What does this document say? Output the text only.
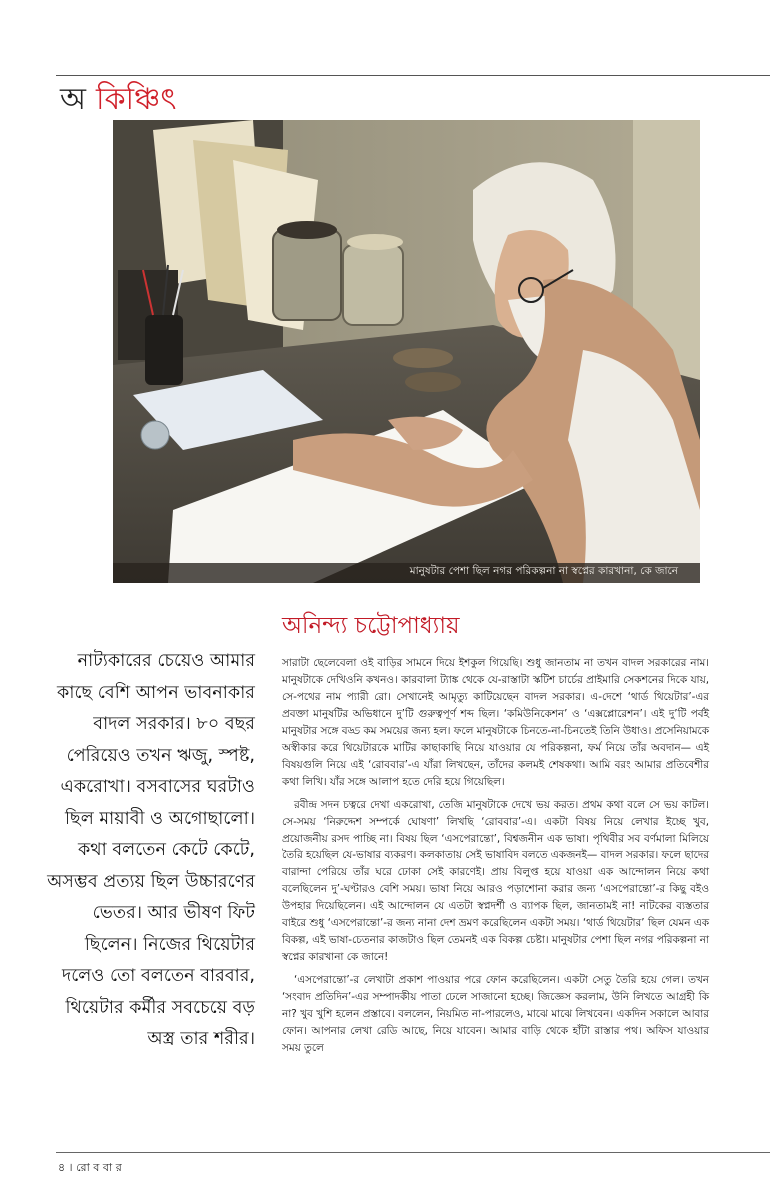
অ কিঞ্চিৎ
মানুষটার পেশা ছিল নগর পরিকল্পনা না স্বপ্নের কারখানা, কে জানে
অনিন্দ্য চট্টোপাধ্যায়

নাট্যকারের চেয়েও আমার কাছে বেশি আপন ভাবনাকার বাদল সরকার। ৮০ বছর পেরিয়েও তখন ঋজু, স্পষ্ট, একরোখা। বসবাসের ঘরটাও ছিল মায়াবী ও অগোছালো। কথা বলতেন কেটে কেটে, অসম্ভব প্রত্যয় ছিল উচ্চারণের ভেতর। আর ভীষণ ফিট ছিলেন। নিজের থিয়েটার দলেও তো বলতেন বারবার, থিয়েটার কর্মীর সবচেয়ে বড় অস্ত্র তার শরীর।

সারাটা ছেলেবেলা ওই বাড়ির সামনে দিয়ে ইশকুল গিয়েছি। শুধু জানতাম না তখন বাদল সরকারের নাম। মানুষটাকে দেখিওনি কখনও। কারবালা ট্যাঙ্ক থেকে যে-রাস্তাটা স্কটিশ চার্চের প্রাইমারি সেকশনের দিকে যায়, সে-পথের নাম প্যারী রো। সেখানেই আমৃত্যু কাটিয়েছেন বাদল সরকার। এ-দেশে ‘থার্ড থিয়েটার’-এর প্রবক্তা মানুষটির অভিধানে দু’টি গুরুত্বপূর্ণ শব্দ ছিল। ‘কমিউনিকেশন’ ও ‘এক্সপ্লোরেশন’। এই দু’টি পর্বই মানুষটার সঙ্গে বড্ড কম সময়ের জন্য হল। ফলে মানুষটাকে চিনতে-না-চিনতেই তিনি উধাও। প্রসেনিয়ামকে অস্বীকার করে থিয়েটারকে মাটির কাছাকাছি নিয়ে যাওয়ার যে পরিকল্পনা, ফর্ম নিয়ে তাঁর অবদান— এই বিষয়গুলি নিয়ে এই ‘রোববার’-এ যাঁরা লিখছেন, তাঁদের কলমই শেষকথা। আমি বরং আমার প্রতিবেশীর কথা লিখি। যাঁর সঙ্গে আলাপ হতে দেরি হয়ে গিয়েছিল।

রবীন্দ্র সদন চত্বরে দেখা একরোখা, তেজি মানুষটাকে দেখে ভয় করত। প্রথম কথা বলে সে ভয় কাটল। সে-সময় ‘নিরুদ্দেশ সম্পর্কে ঘোষণা’ লিখছি ‘রোববার’-এ। একটা বিষয় নিয়ে লেখার ইচ্ছে খুব, প্রয়োজনীয় রসদ পাচ্ছি না। বিষয় ছিল ‘এসপেরান্তো’, বিশ্বজনীন এক ভাষা। পৃথিবীর সব বর্ণমালা মিলিয়ে তৈরি হয়েছিল যে-ভাষার ব্যকরণ। কলকাতায় সেই ভাষাবিদ বলতে একজনই— বাদল সরকার। ফলে ছাদের বারান্দা পেরিয়ে তাঁর ঘরে ঢোকা সেই কারণেই। প্রায় বিলুপ্ত হয়ে যাওয়া এক আন্দোলন নিয়ে কথা বলেছিলেন দু’-ঘণ্টারও বেশি সময়। ভাষা নিয়ে আরও পড়াশোনা করার জন্য ‘এসপেরান্তো’-র কিছু বইও উপহার দিয়েছিলেন। এই আন্দোলন যে এতটা স্বপ্নদর্শী ও ব্যাপক ছিল, জানতামই না! নাটকের ব্যস্ততার বাইরে শুধু ‘এসপেরান্তো’-র জন্য নানা দেশ ভ্রমণ করেছিলেন একটা সময়। ‘থার্ড থিয়েটার’ ছিল যেমন এক বিকল্প, এই ভাষা-চেতনার কাজটাও ছিল তেমনই এক বিকল্প চেষ্টা। মানুষটার পেশা ছিল নগর পরিকল্পনা না স্বপ্নের কারখানা কে জানে!

‘এসপেরান্তো’-র লেখাটা প্রকাশ পাওয়ার পরে ফোন করেছিলেন। একটা সেতু তৈরি হয়ে গেল। তখন ‘সংবাদ প্রতিদিন’-এর সম্পাদকীয় পাতা ঢেলে সাজানো হচ্ছে। জিজ্ঞেস করলাম, উনি লিখতে আগ্রহী কি না? খুব খুশি হলেন প্রস্তাবে। বললেন, নিয়মিত না-পারলেও, মাঝে মাঝে লিখবেন। একদিন সকালে আবার ফোন। আপনার লেখা রেডি আছে, নিয়ে যাবেন। আমার বাড়ি থেকে হাঁটা রাস্তার পথ। অফিস যাওয়ার সময় তুলে

৪ । রো ব বা র
